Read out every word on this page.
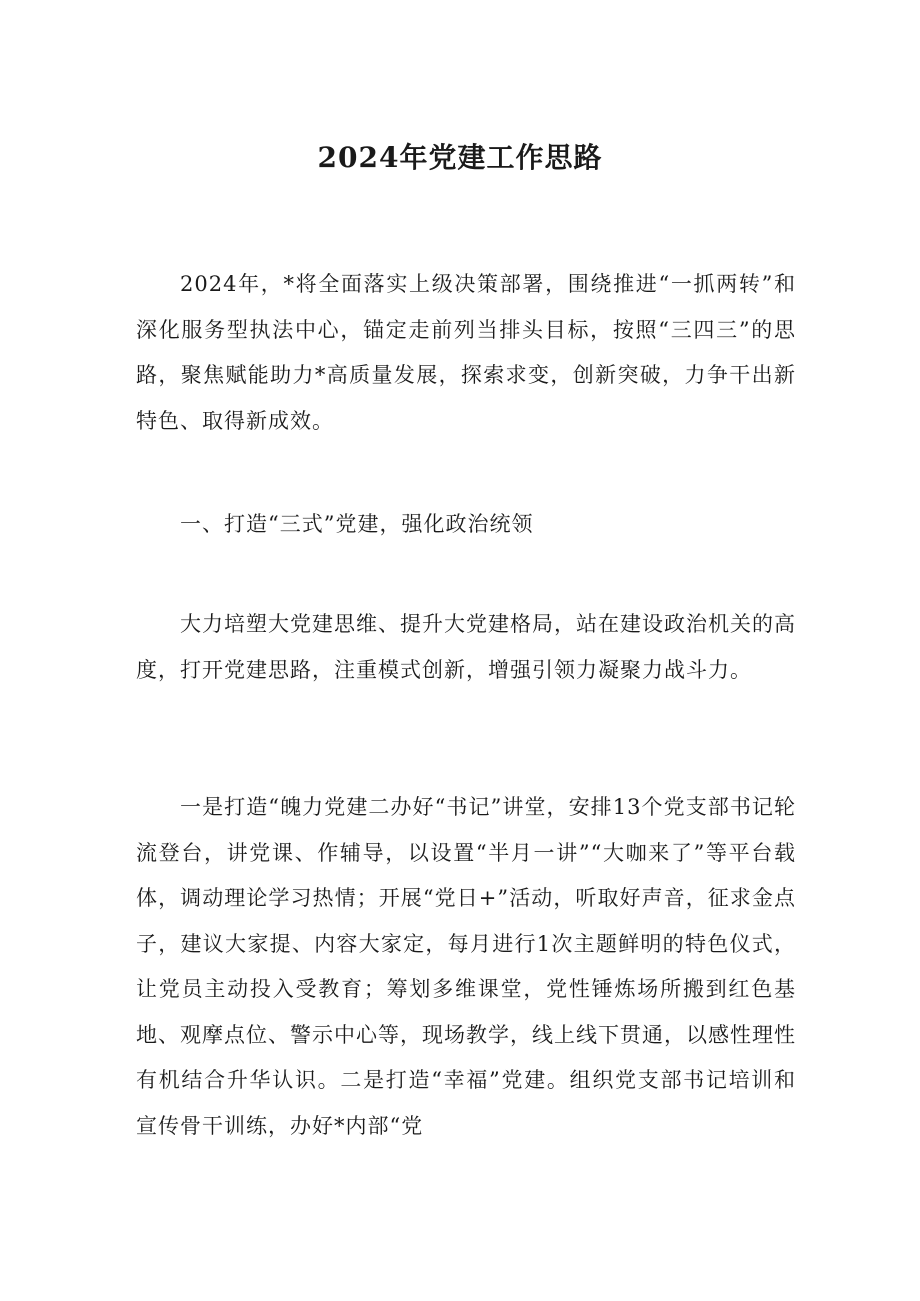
2024年党建工作思路

2024年，*将全面落实上级决策部署，围绕推进“一抓两转”和深化服务型执法中心，锚定走前列当排头目标，按照“三四三”的思路，聚焦赋能助力*高质量发展，探索求变，创新突破，力争干出新特色、取得新成效。

一、打造“三式”党建，强化政治统领

大力培塑大党建思维、提升大党建格局，站在建设政治机关的高度，打开党建思路，注重模式创新，增强引领力凝聚力战斗力。

一是打造“魄力党建二办好“书记”讲堂，安排13个党支部书记轮流登台，讲党课、作辅导，以设置“半月一讲”“大咖来了”等平台载体，调动理论学习热情；开展“党日+”活动，听取好声音，征求金点子，建议大家提、内容大家定，每月进行1次主题鲜明的特色仪式，让党员主动投入受教育；筹划多维课堂，党性锤炼场所搬到红色基地、观摩点位、警示中心等，现场教学，线上线下贯通，以感性理性有机结合升华认识。二是打造“幸福”党建。组织党支部书记培训和宣传骨干训练，办好*内部“党
